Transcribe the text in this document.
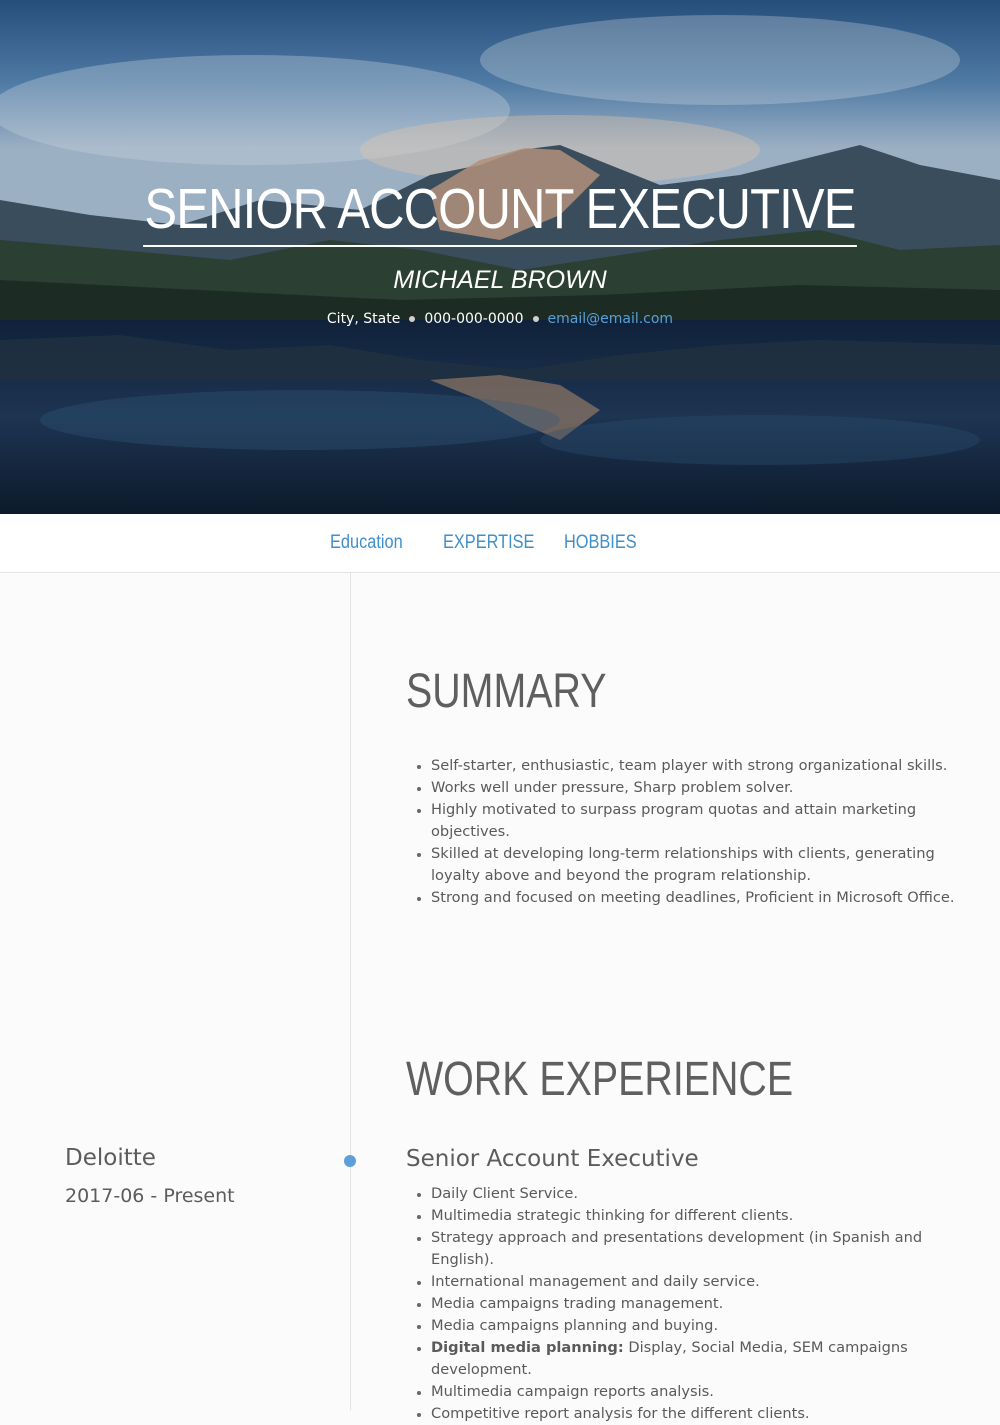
SENIOR ACCOUNT EXECUTIVE
MICHAEL BROWN
City, State 000-000-0000 email@email.com
Education EXPERTISE HOBBIES
SUMMARY
• Self-starter, enthusiastic, team player with strong organizational skills.
• Works well under pressure, Sharp problem solver.
• Highly motivated to surpass program quotas and attain marketing objectives.
• Skilled at developing long-term relationships with clients, generating loyalty above and beyond the program relationship.
• Strong and focused on meeting deadlines, Proficient in Microsoft Office.
WORK EXPERIENCE
Deloitte
2017-06 - Present
Senior Account Executive
• Daily Client Service.
• Multimedia strategic thinking for different clients.
• Strategy approach and presentations development (in Spanish and English).
• International management and daily service.
• Media campaigns trading management.
• Media campaigns planning and buying.
• Digital media planning: Display, Social Media, SEM campaigns development.
• Multimedia campaign reports analysis.
• Competitive report analysis for the different clients.
